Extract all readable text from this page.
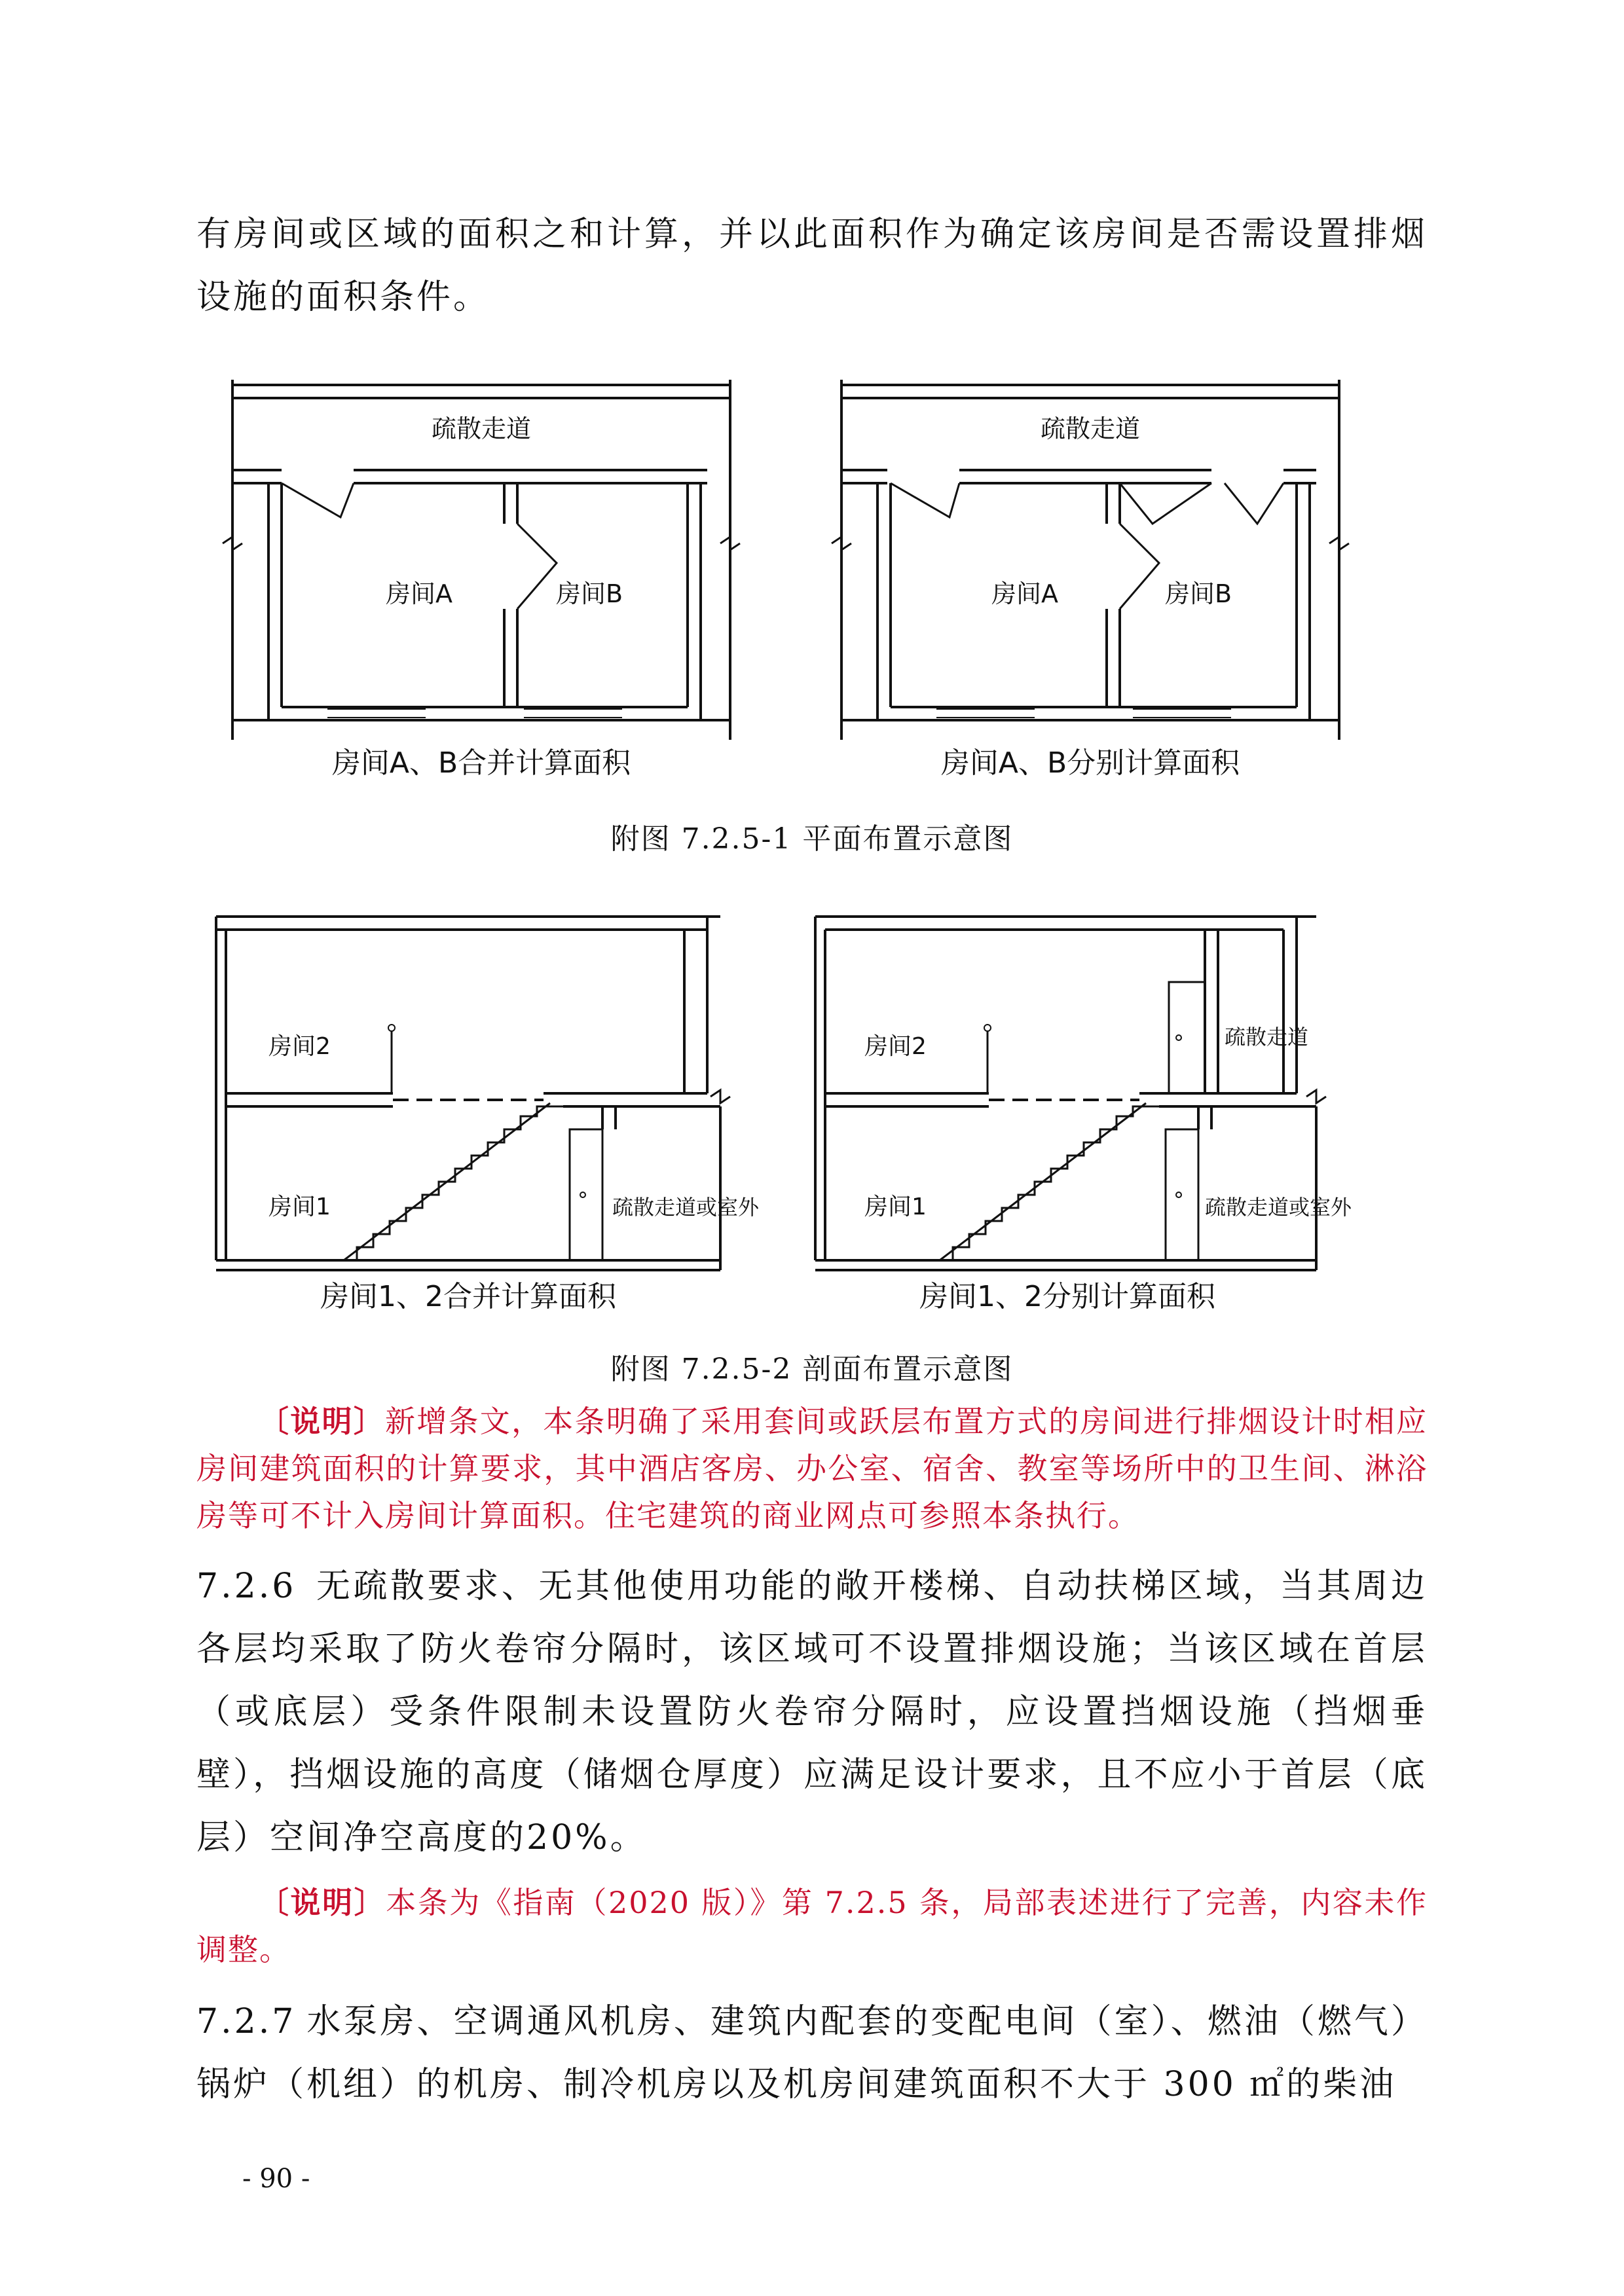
有房间或区域的面积之和计算，并以此面积作为确定该房间是否需设置排烟设施的面积条件。

疏散走道
房间A	房间B
疏散走道
房间A	房间B
房间A、B合并计算面积	房间A、B分别计算面积
附图 7.2.5-1 平面布置示意图
房间2
房间1	疏散走道或室外
房间2	疏散走道
房间1	疏散走道或室外
房间1、2合并计算面积	房间1、2分别计算面积
附图 7.2.5-2 剖面布置示意图

〔说明〕新增条文，本条明确了采用套间或跃层布置方式的房间进行排烟设计时相应房间建筑面积的计算要求，其中酒店客房、办公室、宿舍、教室等场所中的卫生间、淋浴房等可不计入房间计算面积。住宅建筑的商业网点可参照本条执行。

7.2.6 无疏散要求、无其他使用功能的敞开楼梯、自动扶梯区域，当其周边各层均采取了防火卷帘分隔时，该区域可不设置排烟设施；当该区域在首层（或底层）受条件限制未设置防火卷帘分隔时，应设置挡烟设施（挡烟垂壁），挡烟设施的高度（储烟仓厚度）应满足设计要求，且不应小于首层（底层）空间净空高度的20%。

〔说明〕本条为《指南（2020 版）》第 7.2.5 条，局部表述进行了完善，内容未作调整。

7.2.7 水泵房、空调通风机房、建筑内配套的变配电间（室）、燃油（燃气）锅炉（机组）的机房、制冷机房以及机房间建筑面积不大于 300 ㎡的柴油

- 90 -
